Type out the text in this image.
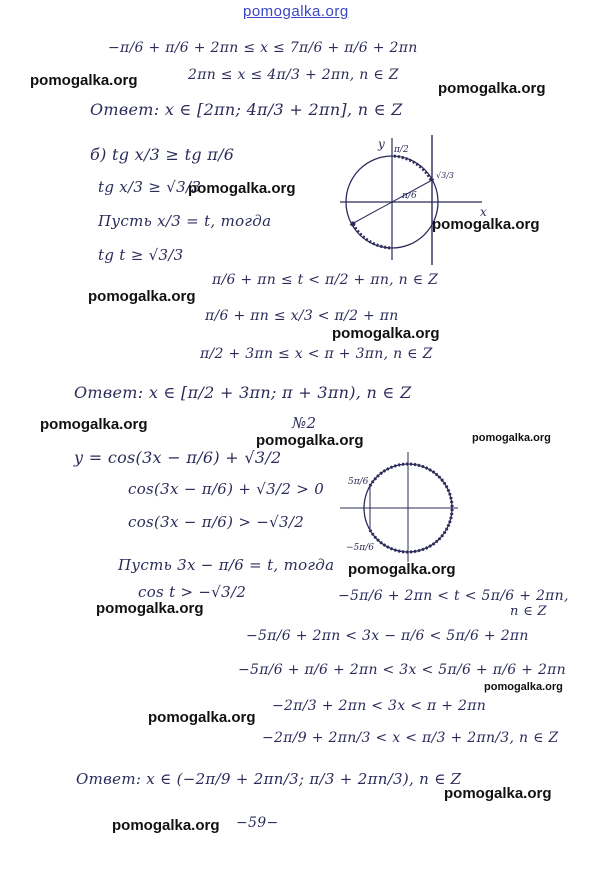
pomogalka.org
−π/6 + π/6 + 2πn ≤ x ≤ 7π/6 + π/6 + 2πn
2πn ≤ x ≤ 4π/3 + 2πn, n ∈ Z
Ответ: x ∈ [2πn; 4π/3 + 2πn], n ∈ Z
б) tg x/3 ≥ tg π/6
tg x/3 ≥ √3/3
Пусть x/3 = t, тогда
tg t ≥ √3/3
π/6 + πn ≤ t < π/2 + πn, n ∈ Z
π/6 + πn ≤ x/3 < π/2 + πn
π/2 + 3πn ≤ x < π + 3πn, n ∈ Z
Ответ: x ∈ [π/2 + 3πn; π + 3πn), n ∈ Z
№2
y = cos(3x − π/6) + √3/2
cos(3x − π/6) + √3/2 > 0
cos(3x − π/6) > −√3/2
Пусть 3x − π/6 = t, тогда
cos t > −√3/2	−5π/6 + 2πn < t < 5π/6 + 2πn,
n ∈ Z
−5π/6 + 2πn < 3x − π/6 < 5π/6 + 2πn
−5π/6 + π/6 + 2πn < 3x < 5π/6 + π/6 + 2πn
−2π/3 + 2πn < 3x < π + 2πn
−2π/9 + 2πn/3 < x < π/3 + 2πn/3, n ∈ Z
Ответ: x ∈ (−2π/9 + 2πn/3; π/3 + 2πn/3), n ∈ Z
−59−
y
x
π/2
π/6
√3/3
5π/6
−5π/6
pomogalka.org	pomogalka.org
pomogalka.org
pomogalka.org
pomogalka.org
pomogalka.org
pomogalka.org
pomogalka.org	pomogalka.org
pomogalka.org
pomogalka.org
pomogalka.org
pomogalka.org
pomogalka.org
pomogalka.org
